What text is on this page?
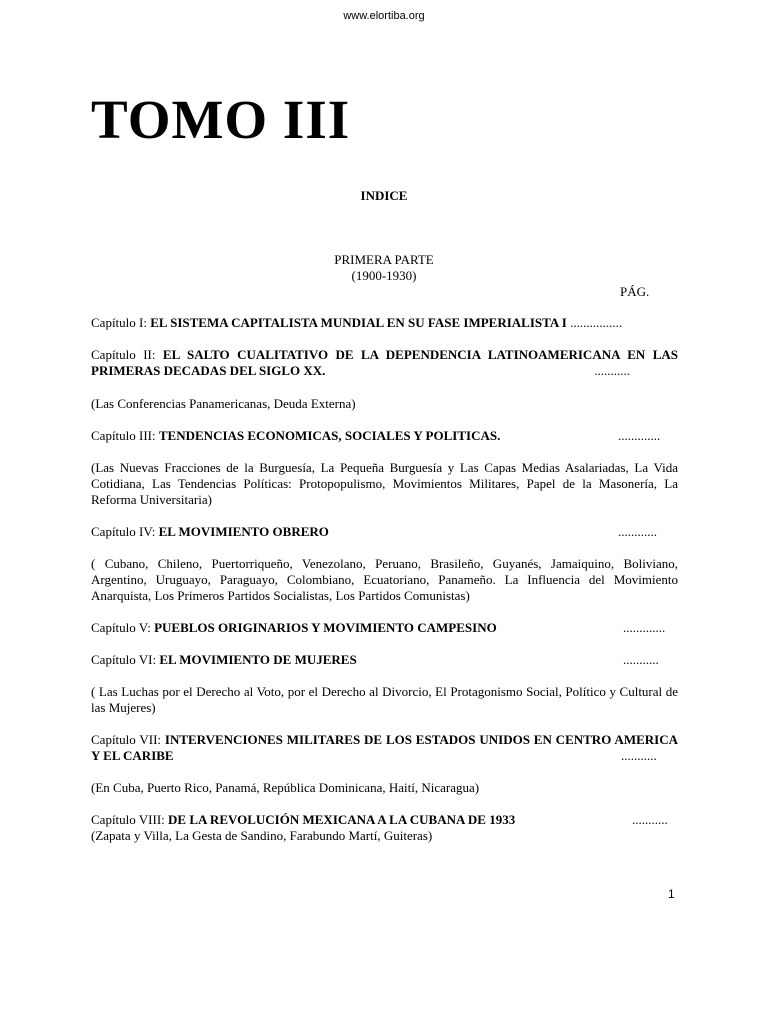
www.elortiba.org
TOMO III
INDICE
PRIMERA PARTE
(1900-1930)
PÁG.
Capítulo I: EL SISTEMA CAPITALISTA MUNDIAL EN SU FASE IMPERIALISTA I ................
Capítulo II: EL SALTO CUALITATIVO DE LA DEPENDENCIA LATINOAMERICANA EN LAS PRIMERAS DECADAS DEL SIGLO XX.	...........
(Las Conferencias Panamericanas, Deuda Externa)
Capítulo III: TENDENCIAS ECONOMICAS, SOCIALES Y POLITICAS.	.............
(Las Nuevas Fracciones de la Burguesía, La Pequeña Burguesía y Las Capas Medias Asalariadas, La Vida Cotidiana, Las Tendencias Políticas: Protopopulismo, Movimientos Militares, Papel de la Masonería, La Reforma Universitaria)
Capítulo IV: EL MOVIMIENTO OBRERO	............
( Cubano, Chileno, Puertorriqueño, Venezolano, Peruano, Brasileño, Guyanés, Jamaiquino, Boliviano, Argentino, Uruguayo, Paraguayo, Colombiano, Ecuatoriano, Panameño. La Influencia del Movimiento Anarquista, Los Primeros Partidos Socialistas, Los Partidos Comunistas)
Capítulo V: PUEBLOS ORIGINARIOS Y MOVIMIENTO CAMPESINO	.............
Capítulo VI: EL MOVIMIENTO DE MUJERES	...........
( Las Luchas por el Derecho al Voto, por el Derecho al Divorcio, El Protagonismo Social, Político y Cultural de las Mujeres)
Capítulo VII: INTERVENCIONES MILITARES DE LOS ESTADOS UNIDOS EN CENTRO AMERICA Y EL CARIBE	...........
(En Cuba, Puerto Rico, Panamá, República Dominicana, Haití, Nicaragua)
Capítulo VIII: DE LA REVOLUCIÓN MEXICANA A LA CUBANA DE 1933	...........
(Zapata y Villa, La Gesta de Sandino, Farabundo Martí, Guiteras)
1
